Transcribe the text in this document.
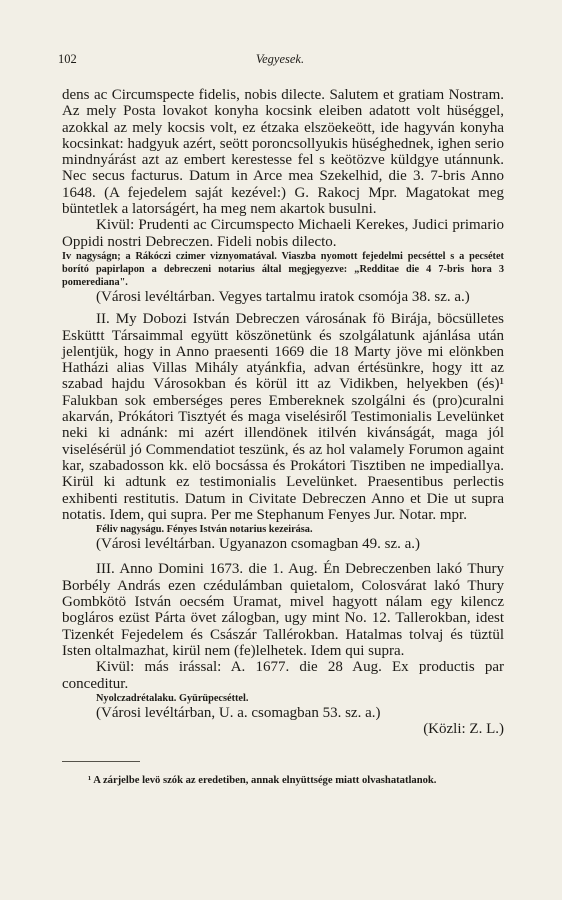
102	Vegyesek.

dens ac Circumspecte fidelis, nobis dilecte. Salutem et gratiam Nostram. Az mely Posta lovakot konyha kocsink eleiben adatott volt hüséggel, azokkal az mely kocsis volt, ez étzaka elszöekeött, ide hagyván konyha kocsinkat: hadgyuk azért, seött poroncsollyukis hüséghednek, ighen serio mindnyárást azt az embert kerestesse fel s keötözve küldgye utánnunk. Nec secus facturus. Datum in Arce mea Szekelhid, die 3. 7-bris Anno 1648. (A fejedelem saját kezével:) G. Rakocj Mpr. Magatokat meg büntetlek a latorságért, ha meg nem akartok busulni.

Kivül: Prudenti ac Circumspecto Michaeli Kerekes, Judici primario Oppidi nostri Debreczen. Fideli nobis dilecto.

Iv nagyságn; a Rákóczi czimer viznyomatával. Viaszba nyomott fejedelmi pecséttel s a pecsétet borító papirlapon a debreczeni notarius által megjegyezve: „Redditae die 4 7-bris hora 3 pomerediana".

(Városi levéltárban. Vegyes tartalmu iratok csomója 38. sz. a.)

II. My Dobozi István Debreczen városának fö Birája, böcsülletes Esküttt Társaimmal együtt köszönetünk és szolgálatunk ajánlása után jelentjük, hogy in Anno praesenti 1669 die 18 Marty jöve mi elönkben Hatházi alias Villas Mihály atyánkfia, advan értésünkre, hogy itt az szabad hajdu Városokban és körül itt az Vidikben, helyekben (és)¹ Falukban sok emberséges peres Embereknek szolgálni és (pro)curalni akarván, Prókátori Tisztyét és maga viselésiről Testimonialis Levelünket neki ki adnánk: mi azért illendönek itilvén kivánságát, maga jól viselésérül jó Commendatiot teszünk, és az hol valamely Forumon againt kar, szabadosson kk. elö bocsássa és Prokátori Tisztiben ne impediallya. Kirül ki adtunk ez testimonialis Levelünket. Praesentibus perlectis exhibenti restitutis. Datum in Civitate Debreczen Anno et Die ut supra notatis. Idem, qui supra. Per me Stephanum Fenyes Jur. Notar. mpr.

Féliv nagyságu. Fényes István notarius kezeirása.

(Városi levéltárban. Ugyanazon csomagban 49. sz. a.)

III. Anno Domini 1673. die 1. Aug. Én Debreczenben lakó Thury Borbély András ezen czédulámban quietalom, Colosvárat lakó Thury Gombkötö István oecsém Uramat, mivel hagyott nálam egy kilencz bogláros ezüst Párta övet zálogban, ugy mint No. 12. Tallerokban, idest Tizenkét Fejedelem és Császár Tallérokban. Hatalmas tolvaj és tüztül Isten oltalmazhat, kirül nem (fe)lelhetek. Idem qui supra.

Kivül: más irással: A. 1677. die 28 Aug. Ex productis par conceditur.

Nyolczadrétalaku. Gyürüpecséttel.

(Városi levéltárban, U. a. csomagban 53. sz. a.)

(Közli: Z. L.)

¹ A zárjelbe levö szók az eredetiben, annak elnyüttsége miatt olvashatatlanok.
